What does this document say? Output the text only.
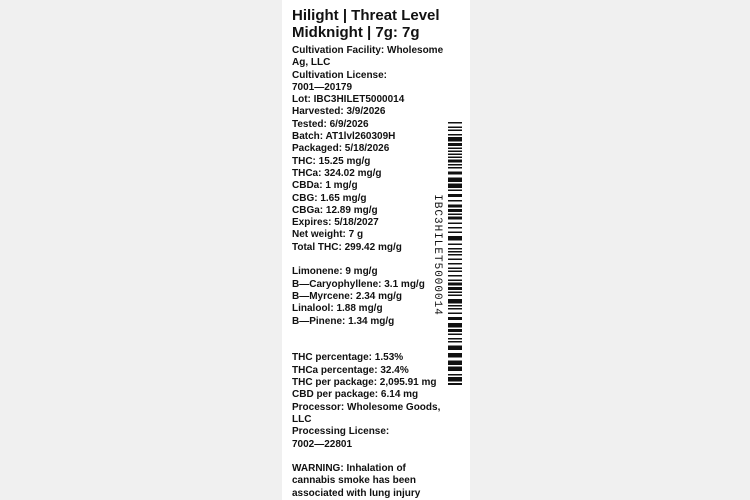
Hilight | Threat Level
Midknight | 7g: 7g
Cultivation Facility: Wholesome
Ag, LLC
Cultivation License:
7001—20179
Lot: IBC3HILET5000014
Harvested: 3/9/2026
Tested: 6/9/2026
Batch: AT1lvl260309H
Packaged: 5/18/2026
THC: 15.25 mg/g
THCa: 324.02 mg/g
CBDa: 1 mg/g
CBG: 1.65 mg/g
CBGa: 12.89 mg/g
Expires: 5/18/2027
Net weight: 7 g
Total THC: 299.42 mg/g
Limonene: 9 mg/g
B—Caryophyllene: 3.1 mg/g
B—Myrcene: 2.34 mg/g
Linalool: 1.88 mg/g
B—Pinene: 1.34 mg/g
THC percentage: 1.53%
THCa percentage: 32.4%
THC per package: 2,095.91 mg
CBD per package: 6.14 mg
Processor: Wholesome Goods,
LLC
Processing License:
7002—22801
WARNING: Inhalation of
cannabis smoke has been
associated with lung injury
IBC3HILET5000014
